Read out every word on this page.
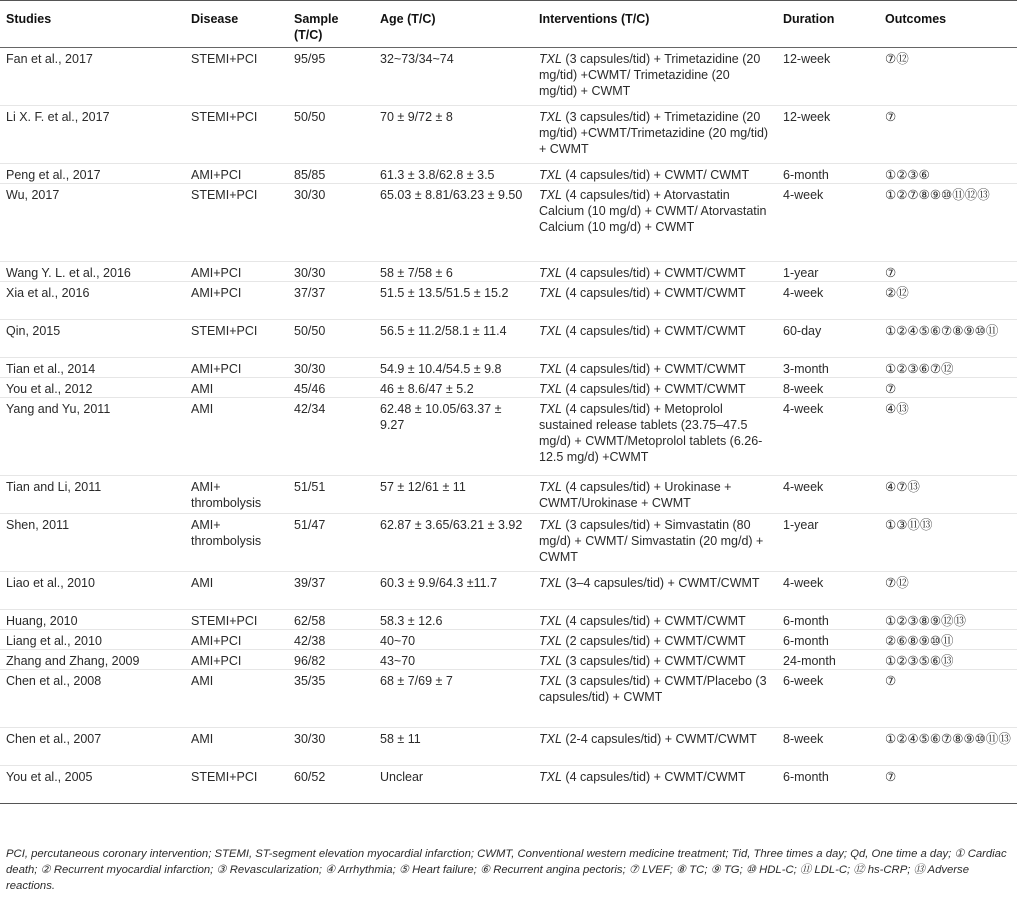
Studies	Disease	Sample (T/C)	Age (T/C)	Interventions (T/C)	Duration	Outcomes
Fan et al., 2017	STEMI+PCI	95/95	32~73/34~74	TXL (3 capsules/tid) + Trimetazidine (20 mg/tid) +CWMT/ Trimetazidine (20 mg/tid) + CWMT	12-week	⑦⑫
Li X. F. et al., 2017	STEMI+PCI	50/50	70 ± 9/72 ± 8	TXL (3 capsules/tid) + Trimetazidine (20 mg/tid) +CWMT/Trimetazidine (20 mg/tid) + CWMT	12-week	⑦
Peng et al., 2017	AMI+PCI	85/85	61.3 ± 3.8/62.8 ± 3.5	TXL (4 capsules/tid) + CWMT/ CWMT	6-month	①②③⑥
Wu, 2017	STEMI+PCI	30/30	65.03 ± 8.81/63.23 ± 9.50	TXL (4 capsules/tid) + Atorvastatin Calcium (10 mg/d) + CWMT/ Atorvastatin Calcium (10 mg/d) + CWMT	4-week	①②⑦⑧⑨⑩⑪⑫⑬
Wang Y. L. et al., 2016	AMI+PCI	30/30	58 ± 7/58 ± 6	TXL (4 capsules/tid) + CWMT/CWMT	1-year	⑦
Xia et al., 2016	AMI+PCI	37/37	51.5 ± 13.5/51.5 ± 15.2	TXL (4 capsules/tid) + CWMT/CWMT	4-week	②⑫
Qin, 2015	STEMI+PCI	50/50	56.5 ± 11.2/58.1 ± 11.4	TXL (4 capsules/tid) + CWMT/CWMT	60-day	①②④⑤⑥⑦⑧⑨⑩⑪
Tian et al., 2014	AMI+PCI	30/30	54.9 ± 10.4/54.5 ± 9.8	TXL (4 capsules/tid) + CWMT/CWMT	3-month	①②③⑥⑦⑫
You et al., 2012	AMI	45/46	46 ± 8.6/47 ± 5.2	TXL (4 capsules/tid) + CWMT/CWMT	8-week	⑦
Yang and Yu, 2011	AMI	42/34	62.48 ± 10.05/63.37 ± 9.27	TXL (4 capsules/tid) + Metoprolol sustained release tablets (23.75–47.5 mg/d) + CWMT/Metoprolol tablets (6.26-12.5 mg/d) +CWMT	4-week	④⑬
Tian and Li, 2011	AMI+ thrombolysis	51/51	57 ± 12/61 ± 11	TXL (4 capsules/tid) + Urokinase + CWMT/Urokinase + CWMT	4-week	④⑦⑬
Shen, 2011	AMI+ thrombolysis	51/47	62.87 ± 3.65/63.21 ± 3.92	TXL (3 capsules/tid) + Simvastatin (80 mg/d) + CWMT/ Simvastatin (20 mg/d) + CWMT	1-year	①③⑪⑬
Liao et al., 2010	AMI	39/37	60.3 ± 9.9/64.3 ±11.7	TXL (3–4 capsules/tid) + CWMT/CWMT	4-week	⑦⑫
Huang, 2010	STEMI+PCI	62/58	58.3 ± 12.6	TXL (4 capsules/tid) + CWMT/CWMT	6-month	①②③⑧⑨⑫⑬
Liang et al., 2010	AMI+PCI	42/38	40~70	TXL (2 capsules/tid) + CWMT/CWMT	6-month	②⑥⑧⑨⑩⑪
Zhang and Zhang, 2009	AMI+PCI	96/82	43~70	TXL (3 capsules/tid) + CWMT/CWMT	24-month	①②③⑤⑥⑬
Chen et al., 2008	AMI	35/35	68 ± 7/69 ± 7	TXL (3 capsules/tid) + CWMT/Placebo (3 capsules/tid) + CWMT	6-week	⑦
Chen et al., 2007	AMI	30/30	58 ± 11	TXL (2-4 capsules/tid) + CWMT/CWMT	8-week	①②④⑤⑥⑦⑧⑨⑩⑪⑬
You et al., 2005	STEMI+PCI	60/52	Unclear	TXL (4 capsules/tid) + CWMT/CWMT	6-month	⑦
PCI, percutaneous coronary intervention; STEMI, ST-segment elevation myocardial infarction; CWMT, Conventional western medicine treatment; Tid, Three times a day; Qd, One time a day; ① Cardiac death; ② Recurrent myocardial infarction; ③ Revascularization; ④ Arrhythmia; ⑤ Heart failure; ⑥ Recurrent angina pectoris; ⑦ LVEF; ⑧ TC; ⑨ TG; ⑩ HDL-C; ⑪ LDL-C; ⑫ hs-CRP; ⑬ Adverse reactions.
